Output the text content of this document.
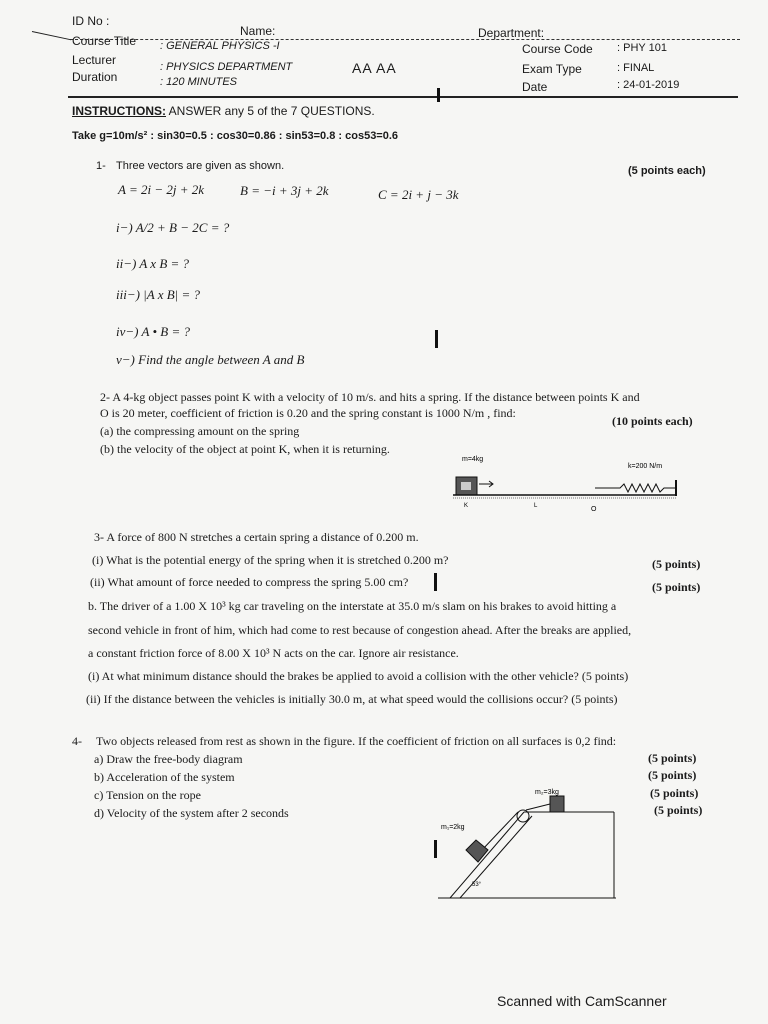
ID No :
Name:	Department:
Course Title : GENERAL PHYSICS -I	Course Code : PHY 101
Lecturer	: PHYSICS DEPARTMENT	AA AA	Exam Type	: FINAL
Duration	: 120 MINUTES	Date	: 24-01-2019
INSTRUCTIONS: ANSWER any 5 of the 7 QUESTIONS.
Take g=10m/s² : sin30=0.5 : cos30=0.86 : sin53=0.8 : cos53=0.6
1- Three vectors are given as shown.	(5 points each)
A = 2i − 2j + 2k	B = −i + 3j + 2k	C = 2i + j − 3k
i−) A/2 + B − 2C = ?
ii−) A x B = ?
iii−) |A x B| = ?
iv−) A • B = ?
v−) Find the angle between A and B
2- A 4-kg object passes point K with a velocity of 10 m/s. and hits a spring. If the distance between points K and
O is 20 meter, coefficient of friction is 0.20 and the spring constant is 1000 N/m , find:
(10 points each)
(a) the compressing amount on the spring
(b) the velocity of the object at point K, when it is returning.
m=4kg
k=200 N/m
K	L	O
3- A force of 800 N stretches a certain spring a distance of 0.200 m.
(i) What is the potential energy of the spring when it is stretched 0.200 m?	(5 points)
(ii) What amount of force needed to compress the spring 5.00 cm?	(5 points)
b. The driver of a 1.00 X 10³ kg car traveling on the interstate at 35.0 m/s slam on his brakes to avoid hitting a
second vehicle in front of him, which had come to rest because of congestion ahead. After the breaks are applied,
a constant friction force of 8.00 X 10³ N acts on the car. Ignore air resistance.
(i) At what minimum distance should the brakes be applied to avoid a collision with the other vehicle? (5 points)
(ii) If the distance between the vehicles is initially 30.0 m, at what speed would the collisions occur? (5 points)
4- Two objects released from rest as shown in the figure. If the coefficient of friction on all surfaces is 0,2 find:
a) Draw the free-body diagram
b) Acceleration of the system
c) Tension on the rope
d) Velocity of the system after 2 seconds
(5 points)
(5 points)
(5 points)
(5 points)
m₂=3kg
m₁=2kg
53°
Scanned with CamScanner
